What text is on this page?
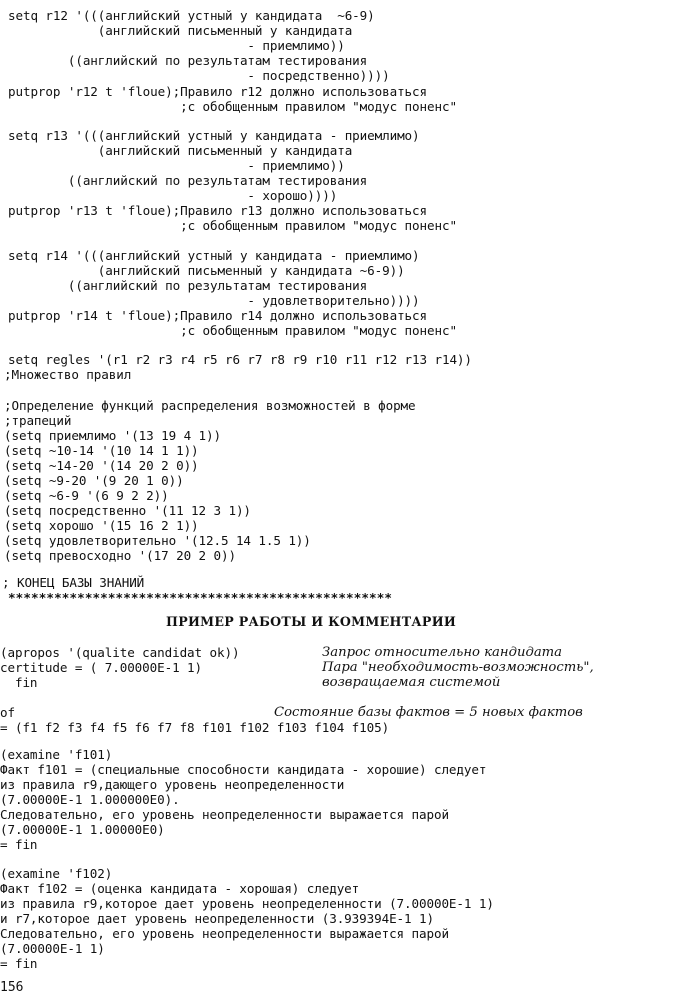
setq r12 '(((английский устный у кандидата  ~6-9)
(английский письменный у кандидата
- приемлимо))
((английский по результатам тестирования
- посредственно))))
putprop 'r12 t 'floue);Правило r12 должно использоваться
;с обобщенным правилом "модус поненс"
setq r13 '(((английский устный у кандидата - приемлимо)
(английский письменный у кандидата
- приемлимо))
((английский по результатам тестирования
- хорошо))))
putprop 'r13 t 'floue);Правило r13 должно использоваться
;с обобщенным правилом "модус поненс"
setq r14 '(((английский устный у кандидата - приемлимо)
(английский письменный у кандидата ~6-9))
((английский по результатам тестирования
- удовлетворительно))))
putprop 'r14 t 'floue);Правило r14 должно использоваться
;с обобщенным правилом "модус поненс"
setq regles '(r1 r2 r3 r4 r5 r6 r7 r8 r9 r10 r11 r12 r13 r14))
;Множество правил
;Определение функций распределения возможностей в форме
;трапеций
(setq приемлимо '(13 19 4 1))
(setq ~10-14 '(10 14 1 1))
(setq ~14-20 '(14 20 2 0))
(setq ~9-20 '(9 20 1 0))
(setq ~6-9 '(6 9 2 2))
(setq посредственно '(11 12 3 1))
(setq хорошо '(15 16 2 1))
(setq удовлетворительно '(12.5 14 1.5 1))
(setq превосходно '(17 20 2 0))
; КОНЕЦ БАЗЫ ЗНАНИЙ
**************************************************
ПРИМЕР РАБОТЫ И КОММЕНТАРИИ
(apropos '(qualite candidat ok))
certitude = ( 7.00000E-1 1)
fin
Запрос относительно кандидата
Пара "необходимость-возможность",
возвращаемая системой
of	Состояние базы фактов = 5 новых фактов
= (f1 f2 f3 f4 f5 f6 f7 f8 f101 f102 f103 f104 f105)
(examine 'f101)
Факт f101 = (специальные способности кандидата - хорошие) следует
из правила r9,дающего уровень неопределенности
(7.00000E-1 1.000000E0).
Следовательно, его уровень неопределенности выражается парой
(7.00000E-1 1.00000E0)
= fin
(examine 'f102)
Факт f102 = (оценка кандидата - хорошая) следует
из правила r9,которое дает уровень неопределенности (7.00000E-1 1)
и r7,которое дает уровень неопределенности (3.939394E-1 1)
Следовательно, его уровень неопределенности выражается парой
(7.00000E-1 1)
= fin
156
